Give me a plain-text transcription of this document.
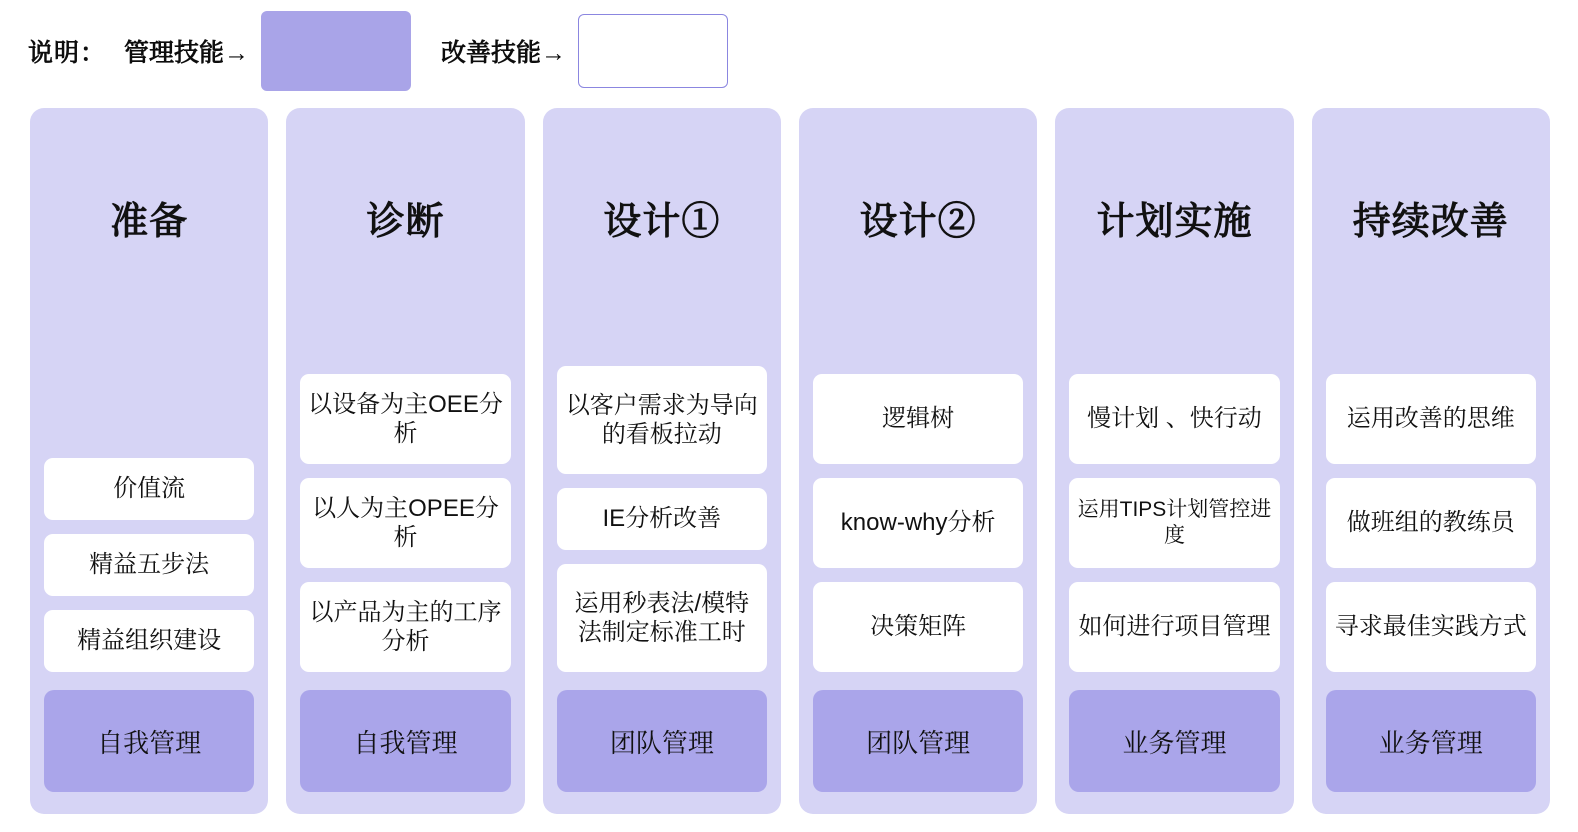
说明： 管理技能→	改善技能→
准备
价值流
精益五步法
精益组织建设
自我管理
诊断
以设备为主OEE分析
以人为主OPEE分析
以产品为主的工序分析
自我管理
设计①
以客户需求为导向的看板拉动
IE分析改善
运用秒表法/模特法制定标准工时
团队管理
设计②
逻辑树
know-why分析
决策矩阵
团队管理
计划实施
慢计划 、快行动
运用TIPS计划管控进度
如何进行项目管理
业务管理
持续改善
运用改善的思维
做班组的教练员
寻求最佳实践方式
业务管理
